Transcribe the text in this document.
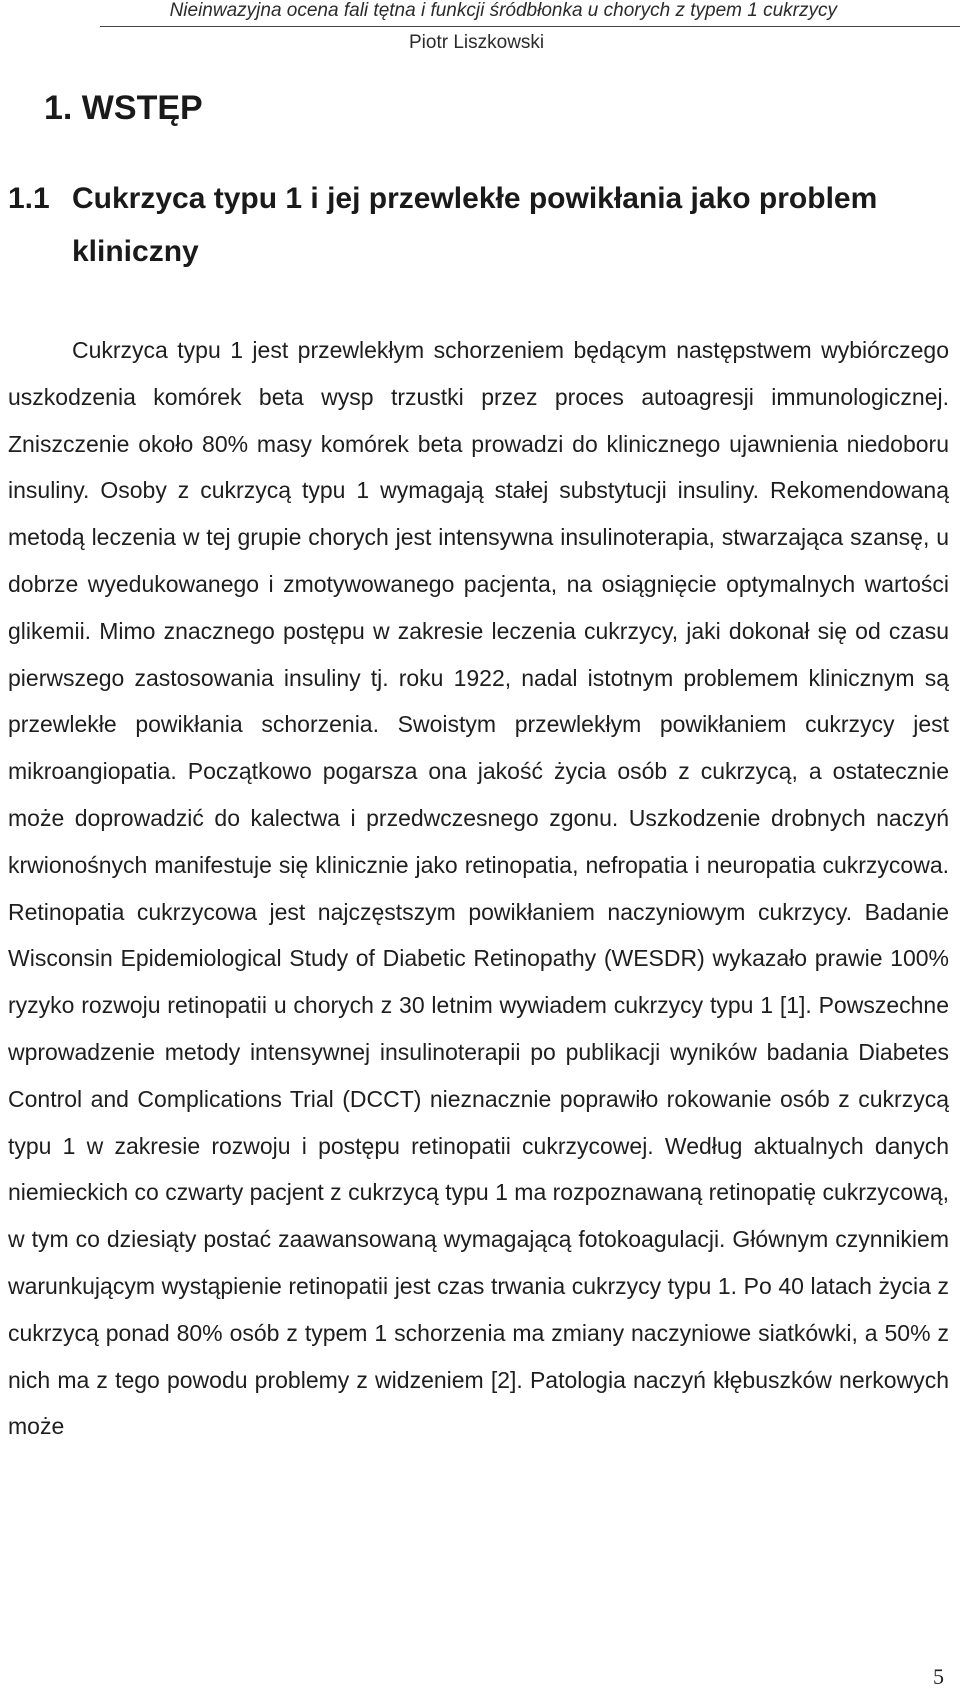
Nieinwazyjna ocena fali tętna i funkcji śródbłonka u chorych z typem 1 cukrzycy
Piotr Liszkowski
1. WSTĘP
1.1 Cukrzyca typu 1 i jej przewlekłe powikłania jako problem
kliniczny

Cukrzyca typu 1 jest przewlekłym schorzeniem będącym następstwem wybiórczego uszkodzenia komórek beta wysp trzustki przez proces autoagresji immunologicznej. Zniszczenie około 80% masy komórek beta prowadzi do klinicznego ujawnienia niedoboru insuliny. Osoby z cukrzycą typu 1 wymagają stałej substytucji insuliny. Rekomendowaną metodą leczenia w tej grupie chorych jest intensywna insulinoterapia, stwarzająca szansę, u dobrze wyedukowanego i zmotywowanego pacjenta, na osiągnięcie optymalnych wartości glikemii. Mimo znacznego postępu w zakresie leczenia cukrzycy, jaki dokonał się od czasu pierwszego zastosowania insuliny tj. roku 1922, nadal istotnym problemem klinicznym są przewlekłe powikłania schorzenia. Swoistym przewlekłym powikłaniem cukrzycy jest mikroangiopatia. Początkowo pogarsza ona jakość życia osób z cukrzycą, a ostatecznie może doprowadzić do kalectwa i przedwczesnego zgonu. Uszkodzenie drobnych naczyń krwionośnych manifestuje się klinicznie jako retinopatia, nefropatia i neuropatia cukrzycowa. Retinopatia cukrzycowa jest najczęstszym powikłaniem naczyniowym cukrzycy. Badanie Wisconsin Epidemiological Study of Diabetic Retinopathy (WESDR) wykazało prawie 100% ryzyko rozwoju retinopatii u chorych z 30 letnim wywiadem cukrzycy typu 1 [1]. Powszechne wprowadzenie metody intensywnej insulinoterapii po publikacji wyników badania Diabetes Control and Complications Trial (DCCT) nieznacznie poprawiło rokowanie osób z cukrzycą typu 1 w zakresie rozwoju i postępu retinopatii cukrzycowej. Według aktualnych danych niemieckich co czwarty pacjent z cukrzycą typu 1 ma rozpoznawaną retinopatię cukrzycową, w tym co dziesiąty postać zaawansowaną wymagającą fotokoagulacji. Głównym czynnikiem warunkującym wystąpienie retinopatii jest czas trwania cukrzycy typu 1. Po 40 latach życia z cukrzycą ponad 80% osób z typem 1 schorzenia ma zmiany naczyniowe siatkówki, a 50% z nich ma z tego powodu problemy z widzeniem [2]. Patologia naczyń kłębuszków nerkowych może

5
